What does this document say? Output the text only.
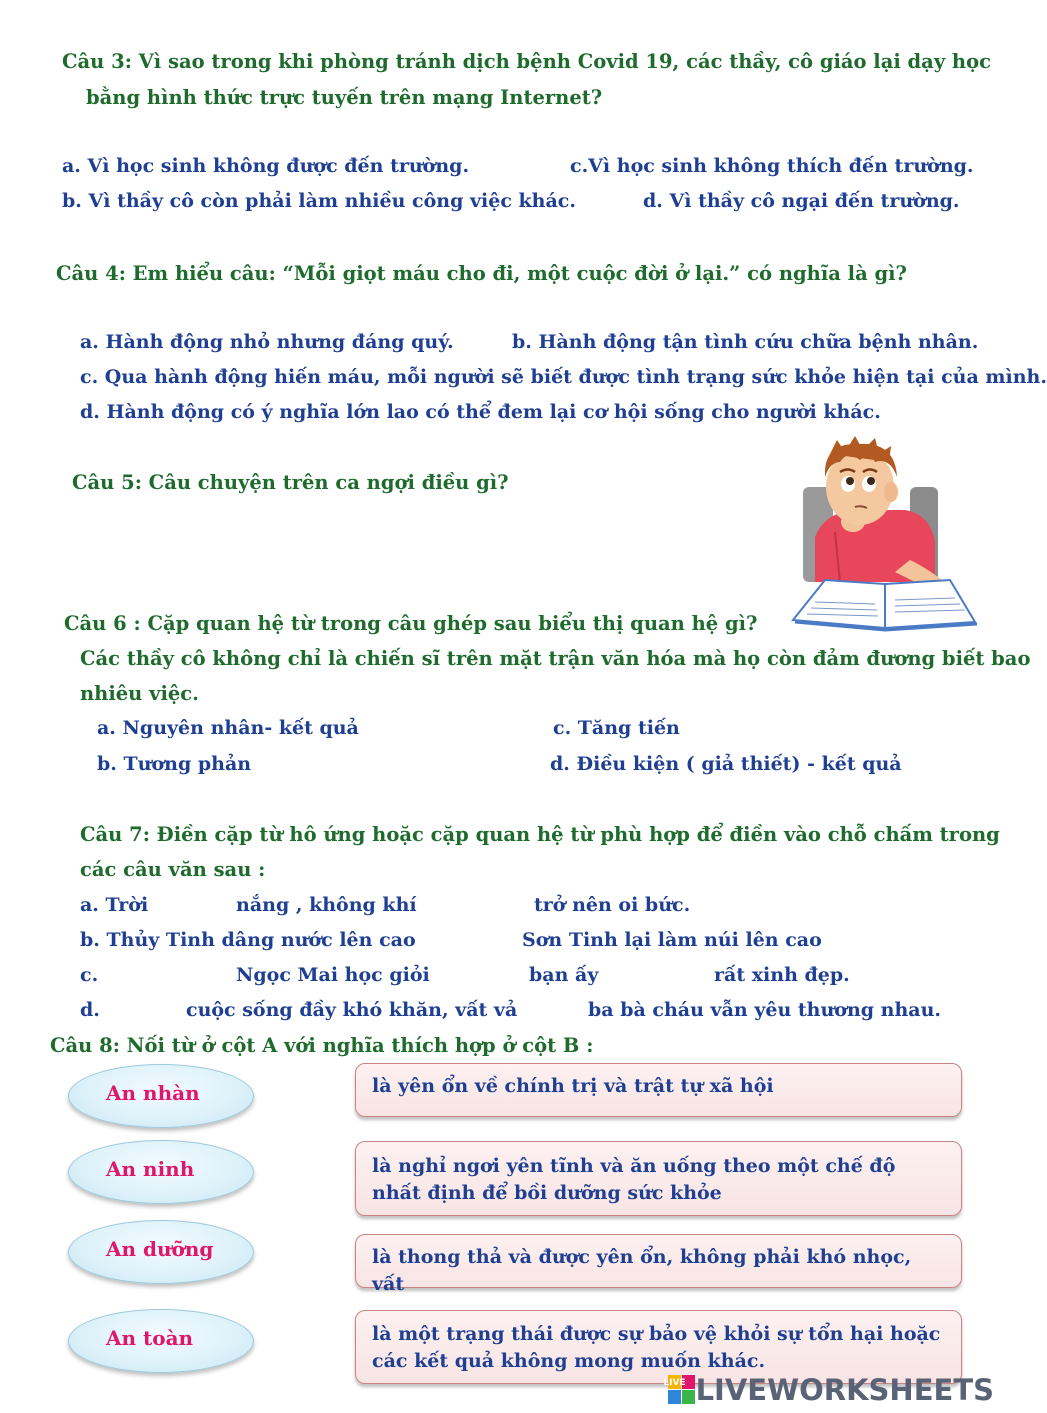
Câu 3: Vì sao trong khi phòng tránh dịch bệnh Covid 19, các thầy, cô giáo lại dạy học
bằng hình thức trực tuyến trên mạng Internet?
a. Vì học sinh không được đến trường.	c.Vì học sinh không thích đến trường.
b. Vì thầy cô còn phải làm nhiều công việc khác.	d. Vì thầy cô ngại đến trường.
Câu 4: Em hiểu câu: “Mỗi giọt máu cho đi, một cuộc đời ở lại.” có nghĩa là gì?
a. Hành động nhỏ nhưng đáng quý.	b. Hành động tận tình cứu chữa bệnh nhân.
c. Qua hành động hiến máu, mỗi người sẽ biết được tình trạng sức khỏe hiện tại của mình.
d. Hành động có ý nghĩa lớn lao có thể đem lại cơ hội sống cho người khác.
Câu 5: Câu chuyện trên ca ngợi điều gì?
Câu 6 : Cặp quan hệ từ trong câu ghép sau biểu thị quan hệ gì?
Các thầy cô không chỉ là chiến sĩ trên mặt trận văn hóa mà họ còn đảm đương biết bao
nhiêu việc.
a. Nguyên nhân- kết quả	c. Tăng tiến
b. Tương phản	d. Điều kiện ( giả thiết) - kết quả
Câu 7: Điền cặp từ hô ứng hoặc cặp quan hệ từ phù hợp để điền vào chỗ chấm trong
các câu văn sau :
a. Trời	nắng , không khí	trở nên oi bức.
b. Thủy Tinh dâng nước lên cao	Sơn Tinh lại làm núi lên cao
c.	Ngọc Mai học giỏi	bạn ấy	rất xinh đẹp.
d.	cuộc sống đầy khó khăn, vất vả	ba bà cháu vẫn yêu thương nhau.
Câu 8: Nối từ ở cột A với nghĩa thích hợp ở cột B :
An nhàn
An ninh
An dưỡng
An toàn
là yên ổn về chính trị và trật tự xã hội
là nghỉ ngơi yên tĩnh và ăn uống theo một chế độ nhất định để bồi dưỡng sức khỏe
là thong thả và được yên ổn, không phải khó nhọc, vất
là một trạng thái được sự bảo vệ khỏi sự tổn hại hoặc các kết quả không mong muốn khác.
LIVE LIVEWORKSHEETS
